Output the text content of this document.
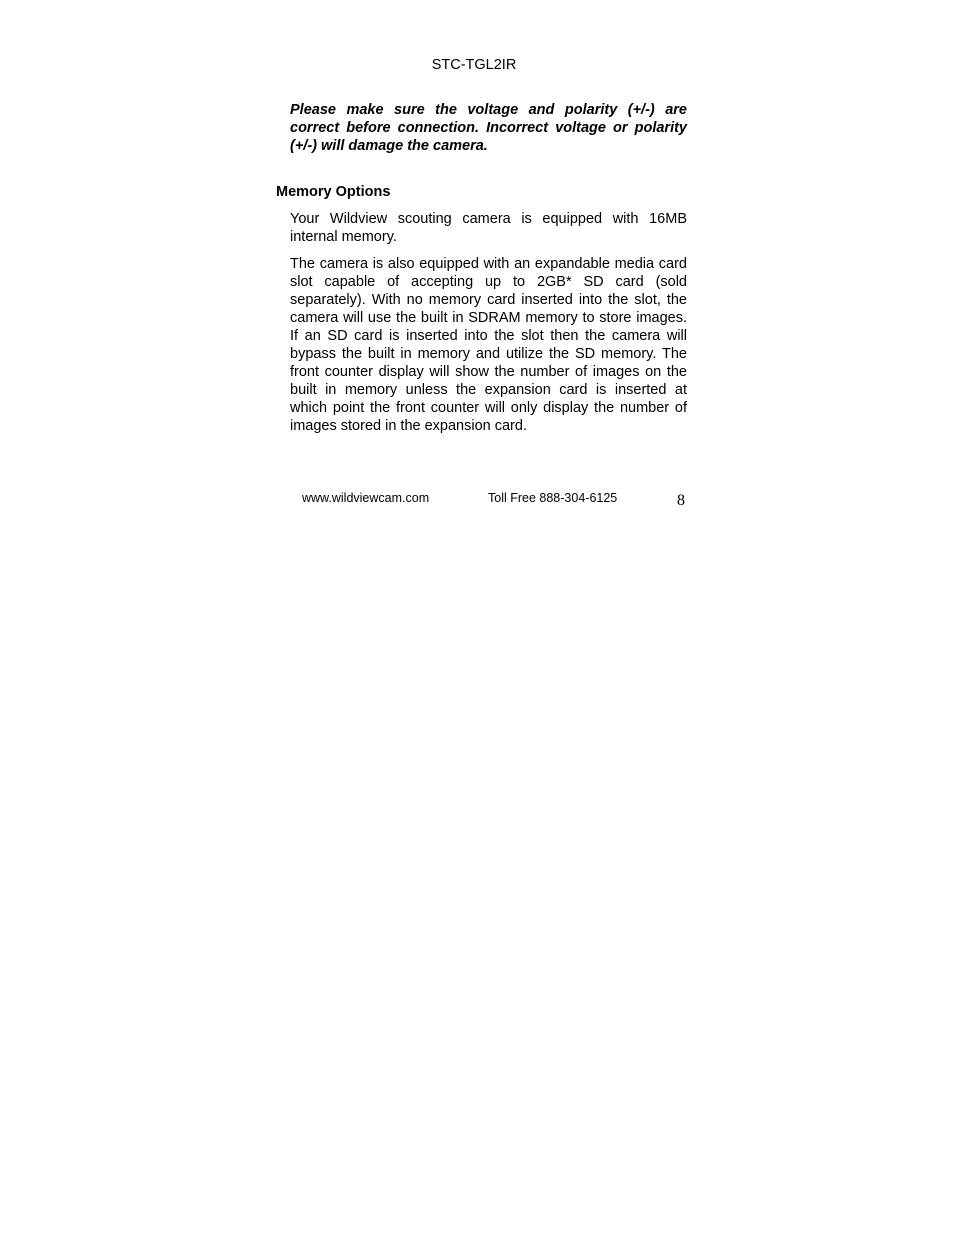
STC-TGL2IR
Please make sure the voltage and polarity (+/-) are correct before connection. Incorrect voltage or polarity (+/-) will damage the camera.
Memory Options
Your Wildview scouting camera is equipped with 16MB internal memory.
The camera is also equipped with an expandable media card slot capable of accepting up to 2GB* SD card (sold separately). With no memory card inserted into the slot, the camera will use the built in SDRAM memory to store images. If an SD card is inserted into the slot then the camera will bypass the built in memory and utilize the SD memory. The front counter display will show the number of images on the built in memory unless the expansion card is inserted at which point the front counter will only display the number of images stored in the expansion card.
www.wildviewcam.com	Toll Free 888-304-6125	8
